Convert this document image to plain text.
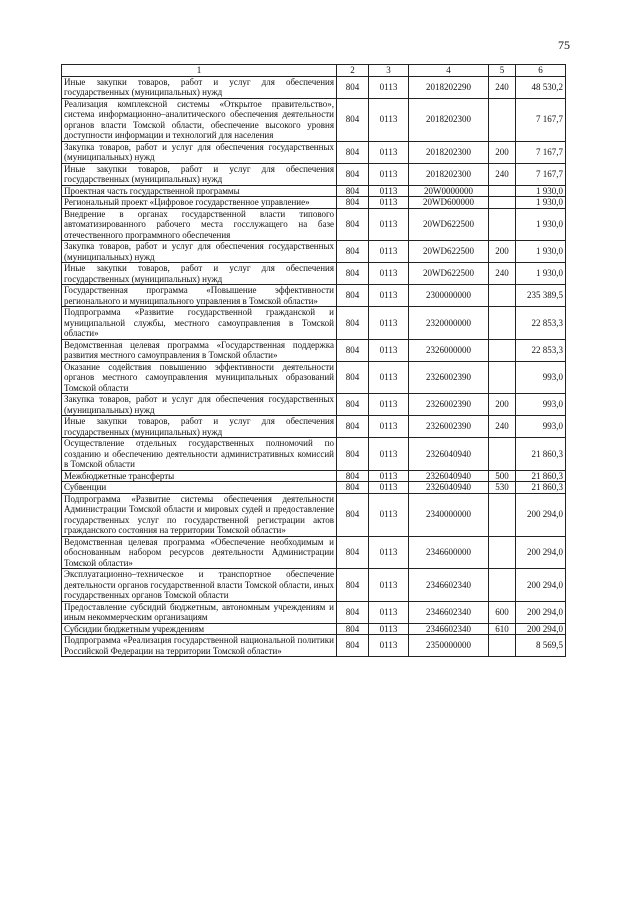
75
1	2	3	4	5	6
Иные закупки товаров, работ и услуг для обеспечения государственных (муниципальных) нужд	804	0113	2018202290	240	48 530,2
Реализация комплексной системы «Открытое правительство», система информационно–аналитического обеспечения деятельности органов власти Томской области, обеспечение высокого уровня доступности информации и технологий для населения	804	0113	2018202300		7 167,7
Закупка товаров, работ и услуг для обеспечения государственных (муниципальных) нужд	804	0113	2018202300	200	7 167,7
Иные закупки товаров, работ и услуг для обеспечения государственных (муниципальных) нужд	804	0113	2018202300	240	7 167,7
Проектная часть государственной программы	804	0113	20W0000000		1 930,0
Региональный проект «Цифровое государственное управление»	804	0113	20WD600000		1 930,0
Внедрение в органах государственной власти типового автоматизированного рабочего места госслужащего на базе отечественного программного обеспечения	804	0113	20WD622500		1 930,0
Закупка товаров, работ и услуг для обеспечения государственных (муниципальных) нужд	804	0113	20WD622500	200	1 930,0
Иные закупки товаров, работ и услуг для обеспечения государственных (муниципальных) нужд	804	0113	20WD622500	240	1 930,0
Государственная программа «Повышение эффективности регионального и муниципального управления в Томской области»	804	0113	2300000000		235 389,5
Подпрограмма «Развитие государственной гражданской и муниципальной службы, местного самоуправления в Томской области»	804	0113	2320000000		22 853,3
Ведомственная целевая программа «Государственная поддержка развития местного самоуправления в Томской области»	804	0113	2326000000		22 853,3
Оказание содействия повышению эффективности деятельности органов местного самоуправления муниципальных образований Томской области	804	0113	2326002390		993,0
Закупка товаров, работ и услуг для обеспечения государственных (муниципальных) нужд	804	0113	2326002390	200	993,0
Иные закупки товаров, работ и услуг для обеспечения государственных (муниципальных) нужд	804	0113	2326002390	240	993,0
Осуществление отдельных государственных полномочий по созданию и обеспечению деятельности административных комиссий в Томской области	804	0113	2326040940		21 860,3
Межбюджетные трансферты	804	0113	2326040940	500	21 860,3
Субвенции	804	0113	2326040940	530	21 860,3
Подпрограмма «Развитие системы обеспечения деятельности Администрации Томской области и мировых судей и предоставление государственных услуг по государственной регистрации актов гражданского состояния на территории Томской области»	804	0113	2340000000		200 294,0
Ведомственная целевая программа «Обеспечение необходимым и обоснованным набором ресурсов деятельности Администрации Томской области»	804	0113	2346600000		200 294,0
Эксплуатационно–техническое и транспортное обеспечение деятельности органов государственной власти Томской области, иных государственных органов Томской области	804	0113	2346602340		200 294,0
Предоставление субсидий бюджетным, автономным учреждениям и иным некоммерческим организациям	804	0113	2346602340	600	200 294,0
Субсидии бюджетным учреждениям	804	0113	2346602340	610	200 294,0
Подпрограмма «Реализация государственной национальной политики Российской Федерации на территории Томской области»	804	0113	2350000000		8 569,5
